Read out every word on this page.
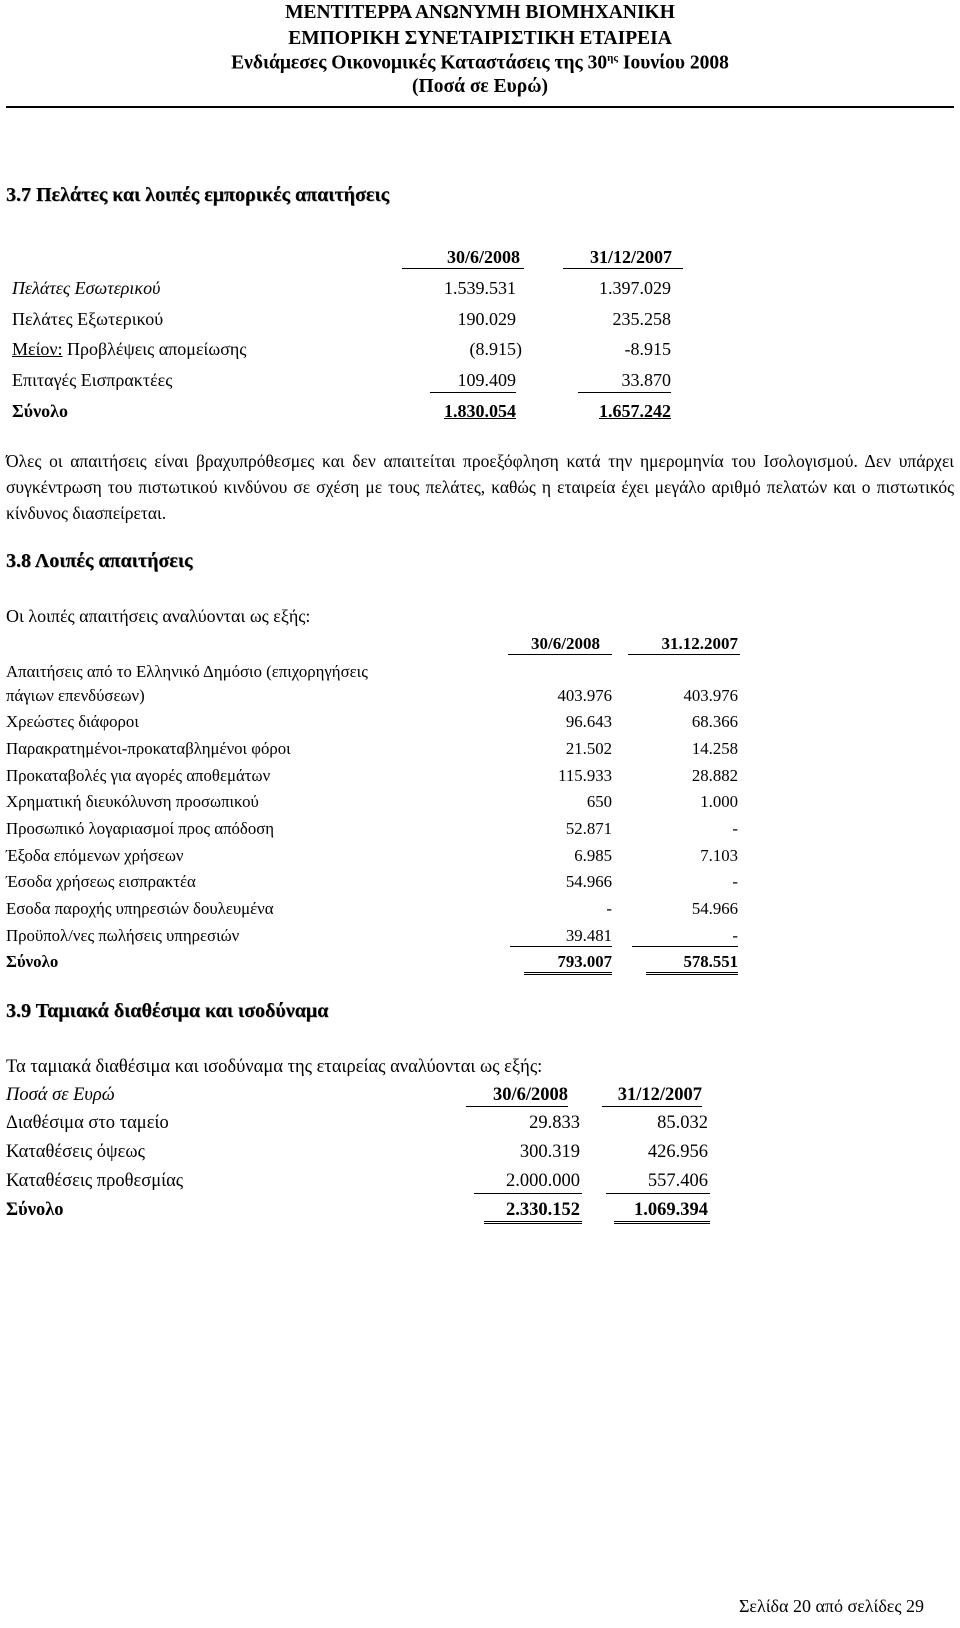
ΜΕΝΤΙΤΕΡΡΑ ΑΝΩΝΥΜΗ ΒΙΟΜΗΧΑΝΙΚΗ
ΕΜΠΟΡΙΚΗ ΣΥΝΕΤΑΙΡΙΣΤΙΚΗ ΕΤΑΙΡΕΙΑ
Ενδιάμεσες Οικονομικές Καταστάσεις της $30^{\eta\varsigma}$ Ιουνίου 2008
(Ποσά σε Ευρώ)
3.7 Πελάτες και λοιπές εμπορικές απαιτήσεις
30/6/2008	31/12/2007
Πελάτες Εσωτερικού	1.539.531	1.397.029
Πελάτες Εξωτερικού	190.029	235.258
Μείον: Προβλέψεις απομείωσης	(8.915)	-8.915
Επιταγές Εισπρακτέες	109.409	33.870
Σύνολο	1.830.054	1.657.242
Όλες οι απαιτήσεις είναι βραχυπρόθεσμες και δεν απαιτείται προεξόφληση κατά την ημερομηνία του Ισολογισμού. Δεν υπάρχει συγκέντρωση του πιστωτικού κινδύνου σε σχέση με τους πελάτες, καθώς η εταιρεία έχει μεγάλο αριθμό πελατών και ο πιστωτικός κίνδυνος διασπείρεται.
3.8 Λοιπές απαιτήσεις
Οι λοιπές απαιτήσεις αναλύονται ως εξής:
30/6/2008	31.12.2007
Απαιτήσεις από το Ελληνικό Δημόσιο (επιχορηγήσεις
πάγιων επενδύσεων)	403.976	403.976
Χρεώστες διάφοροι	96.643	68.366
Παρακρατημένοι-προκαταβλημένοι φόροι	21.502	14.258
Προκαταβολές για αγορές αποθεμάτων	115.933	28.882
Χρηματική διευκόλυνση προσωπικού	650	1.000
Προσωπικό λογαριασμοί προς απόδοση	52.871	-
Έξοδα επόμενων χρήσεων	6.985	7.103
Έσοδα χρήσεως εισπρακτέα	54.966	-
Εσοδα παροχής υπηρεσιών δουλευμένα	-	54.966
Προϋπολ/νες πωλήσεις υπηρεσιών	39.481	-
Σύνολο	793.007	578.551
3.9 Ταμιακά διαθέσιμα και ισοδύναμα
Τα ταμιακά διαθέσιμα και ισοδύναμα της εταιρείας αναλύονται ως εξής:
Ποσά σε Ευρώ	30/6/2008	31/12/2007
Διαθέσιμα στο ταμείο	29.833	85.032
Καταθέσεις όψεως	300.319	426.956
Καταθέσεις προθεσμίας	2.000.000	557.406
Σύνολο	2.330.152	1.069.394
Σελίδα 20 από σελίδες 29
